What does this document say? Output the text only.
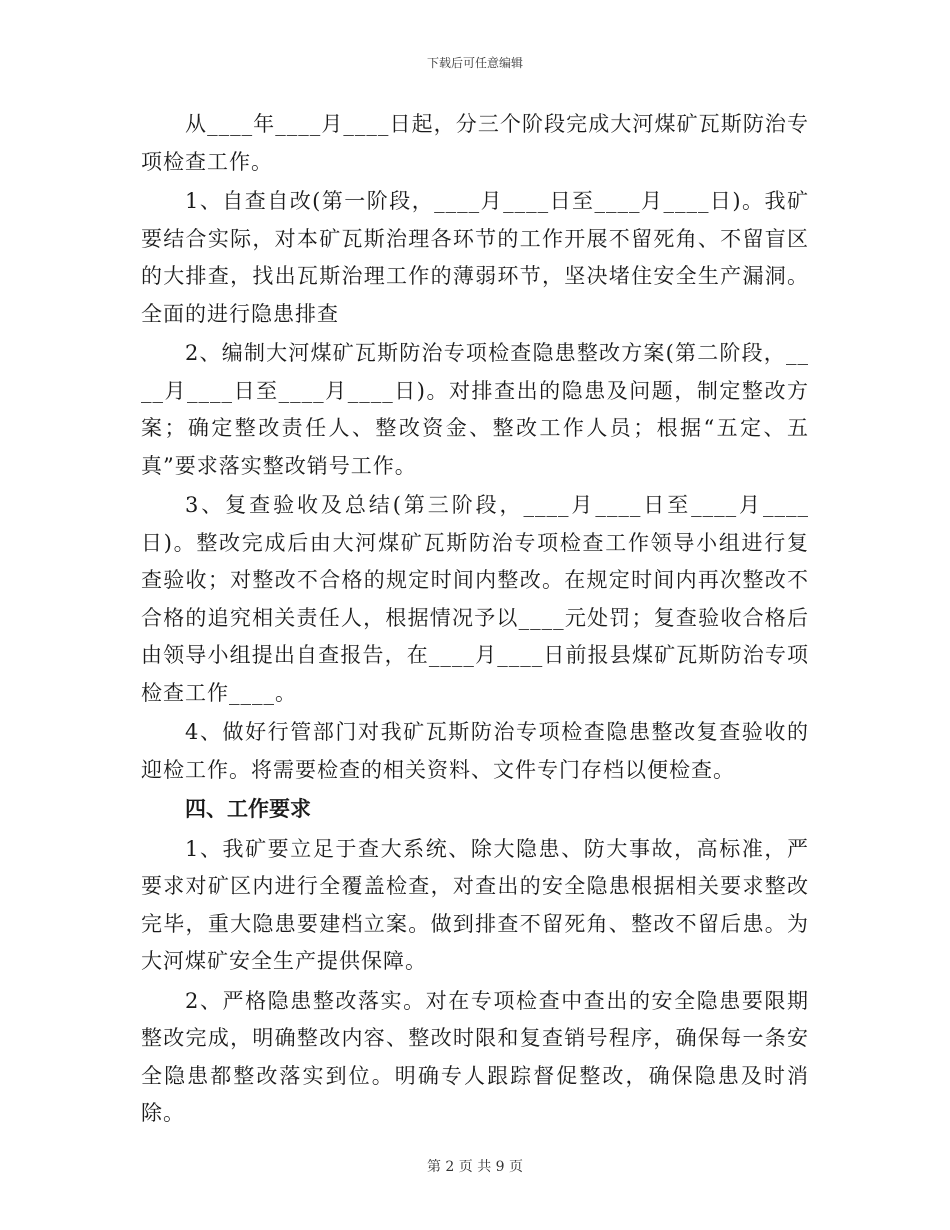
下载后可任意编辑

从____年____月____日起，分三个阶段完成大河煤矿瓦斯防治专项检查工作。

1、自查自改(第一阶段，____月____日至____月____日)。我矿要结合实际，对本矿瓦斯治理各环节的工作开展不留死角、不留盲区的大排查，找出瓦斯治理工作的薄弱环节，坚决堵住安全生产漏洞。全面的进行隐患排查

2、编制大河煤矿瓦斯防治专项检查隐患整改方案(第二阶段，____月____日至____月____日)。对排查出的隐患及问题，制定整改方案；确定整改责任人、整改资金、整改工作人员；根据“五定、五真”要求落实整改销号工作。

3、复查验收及总结(第三阶段，____月____日至____月____日)。整改完成后由大河煤矿瓦斯防治专项检查工作领导小组进行复查验收；对整改不合格的规定时间内整改。在规定时间内再次整改不合格的追究相关责任人，根据情况予以____元处罚；复查验收合格后由领导小组提出自查报告，在____月____日前报县煤矿瓦斯防治专项检查工作____。

4、做好行管部门对我矿瓦斯防治专项检查隐患整改复查验收的迎检工作。将需要检查的相关资料、文件专门存档以便检查。

四、工作要求

1、我矿要立足于查大系统、除大隐患、防大事故，高标准，严要求对矿区内进行全覆盖检查，对查出的安全隐患根据相关要求整改完毕，重大隐患要建档立案。做到排查不留死角、整改不留后患。为大河煤矿安全生产提供保障。

2、严格隐患整改落实。对在专项检查中查出的安全隐患要限期整改完成，明确整改内容、整改时限和复查销号程序，确保每一条安全隐患都整改落实到位。明确专人跟踪督促整改，确保隐患及时消除。

第 2 页 共 9 页
